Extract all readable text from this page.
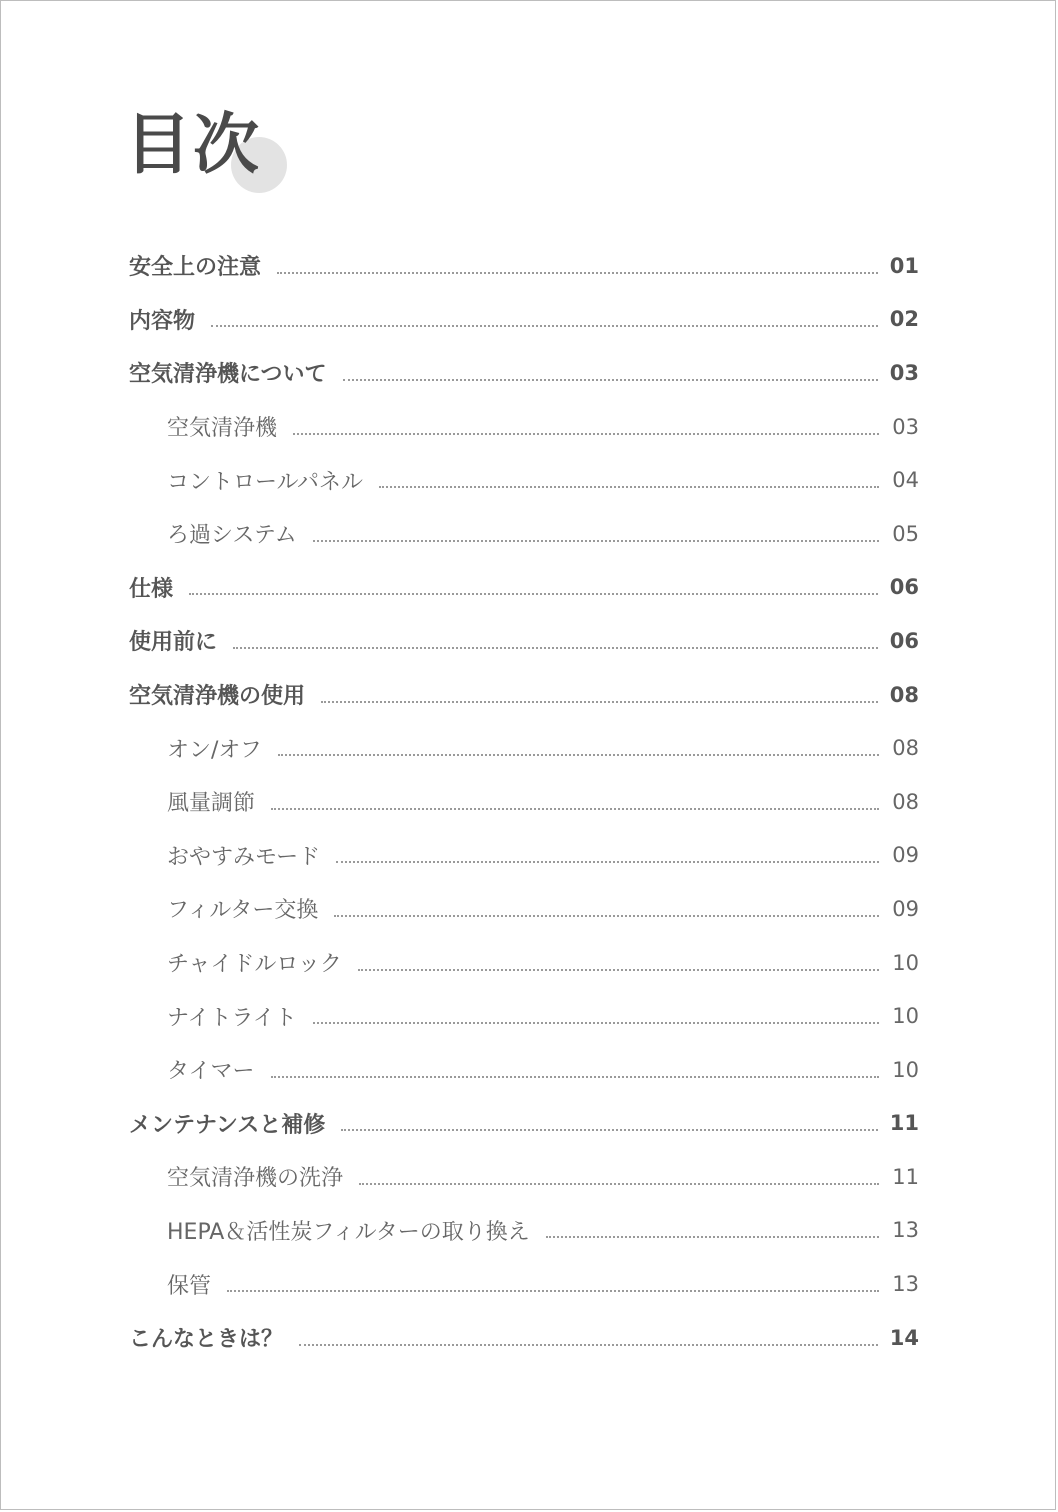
目次
安全上の注意	01
内容物	02
空気清浄機について	03
空気清浄機	03
コントロールパネル	04
ろ過システム	05
仕様	06
使用前に	06
空気清浄機の使用	08
オン/オフ	08
風量調節	08
おやすみモード	09
フィルター交換	09
チャイドルロック	10
ナイトライト	10
タイマー	10
メンテナンスと補修	11
空気清浄機の洗浄	11
HEPA＆活性炭フィルターの取り換え	13
保管	13
こんなときは？	14
